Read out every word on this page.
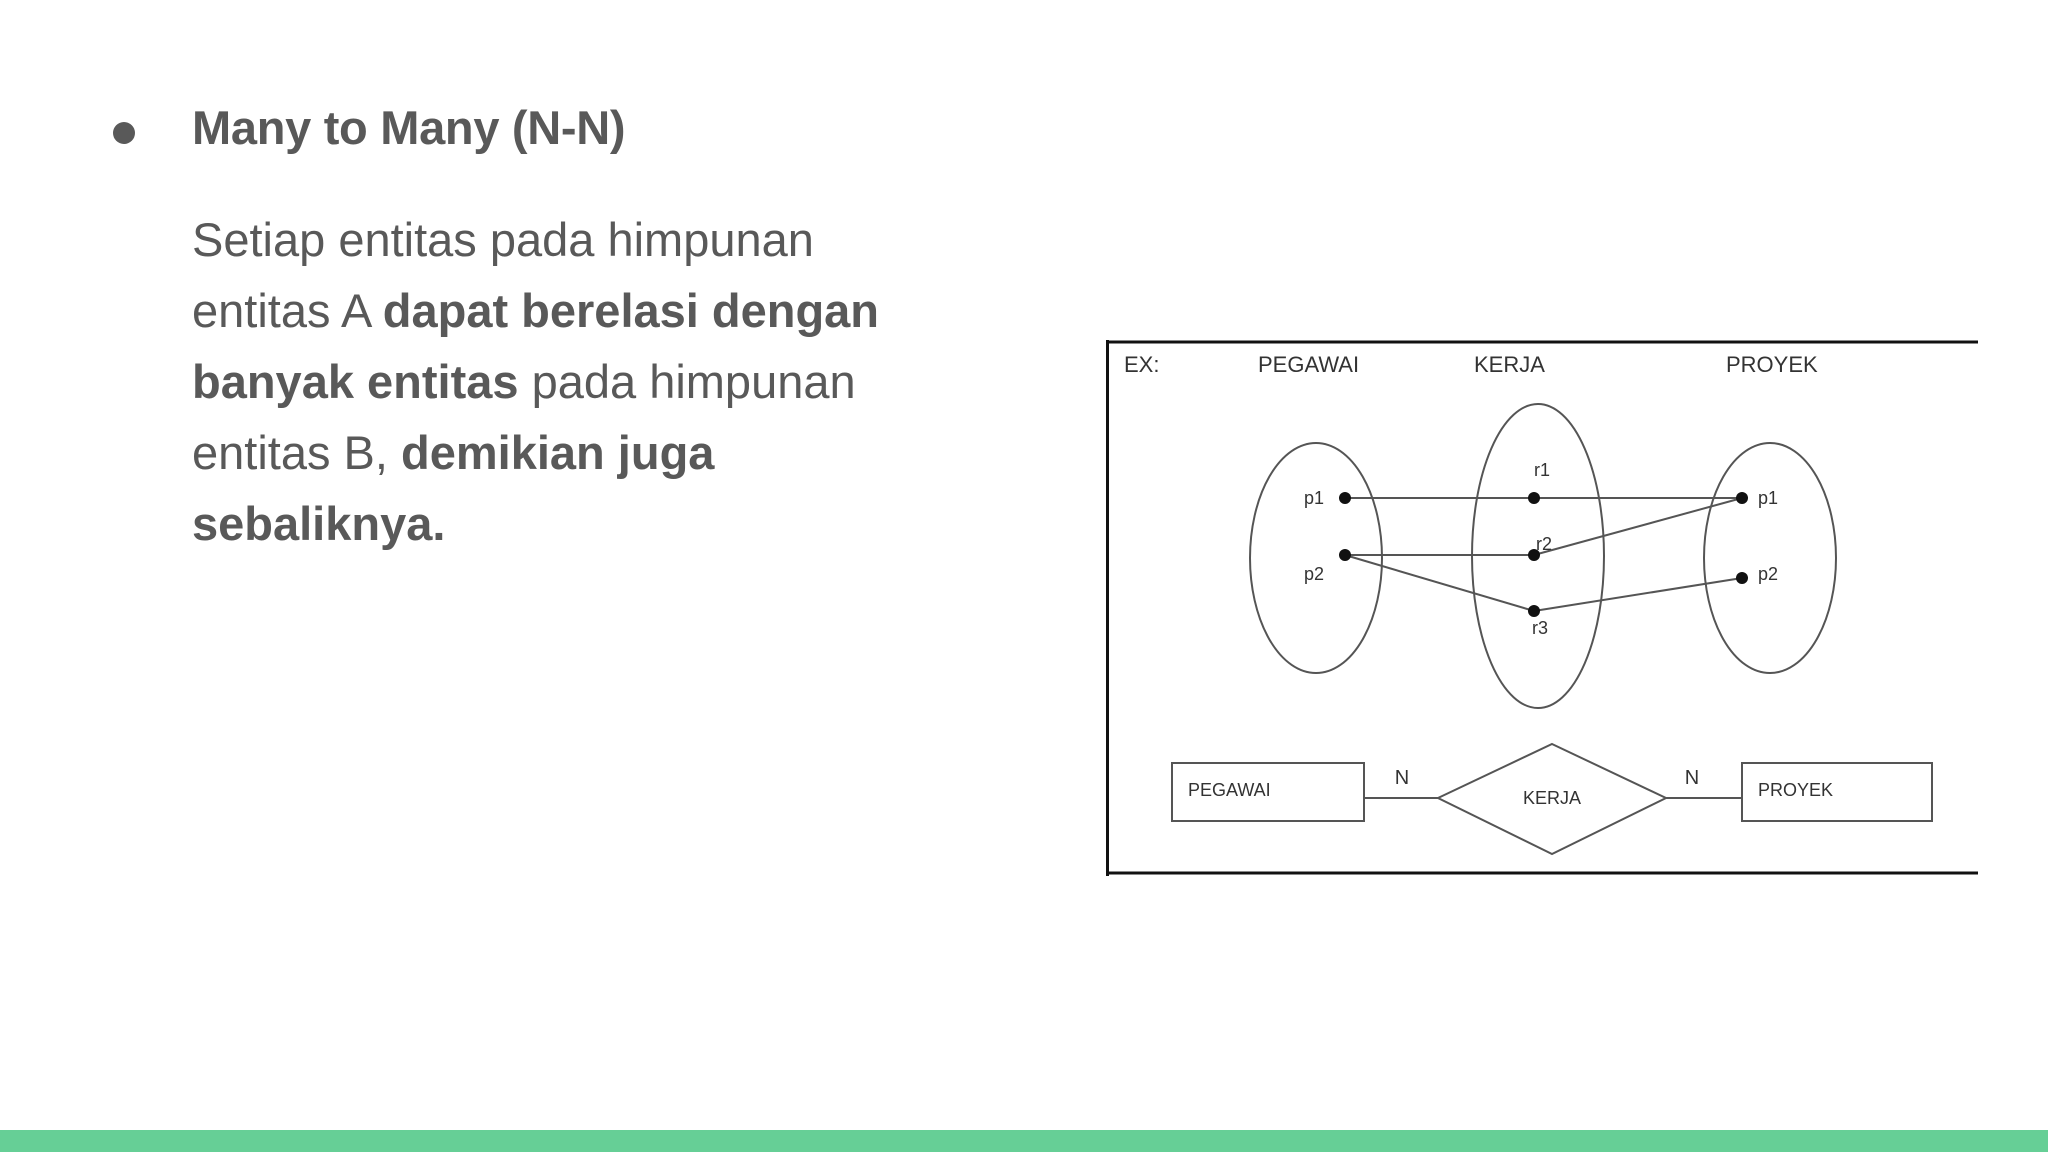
Many to Many (N-N)
Setiap entitas pada himpunan entitas A dapat berelasi dengan banyak entitas pada himpunan entitas B, demikian juga sebaliknya.
EX:	PEGAWAI	KERJA	PROYEK
p1
p2
r1
r2
r3
p1
p2
PEGAWAI	KERJA	PROYEK
N	N
